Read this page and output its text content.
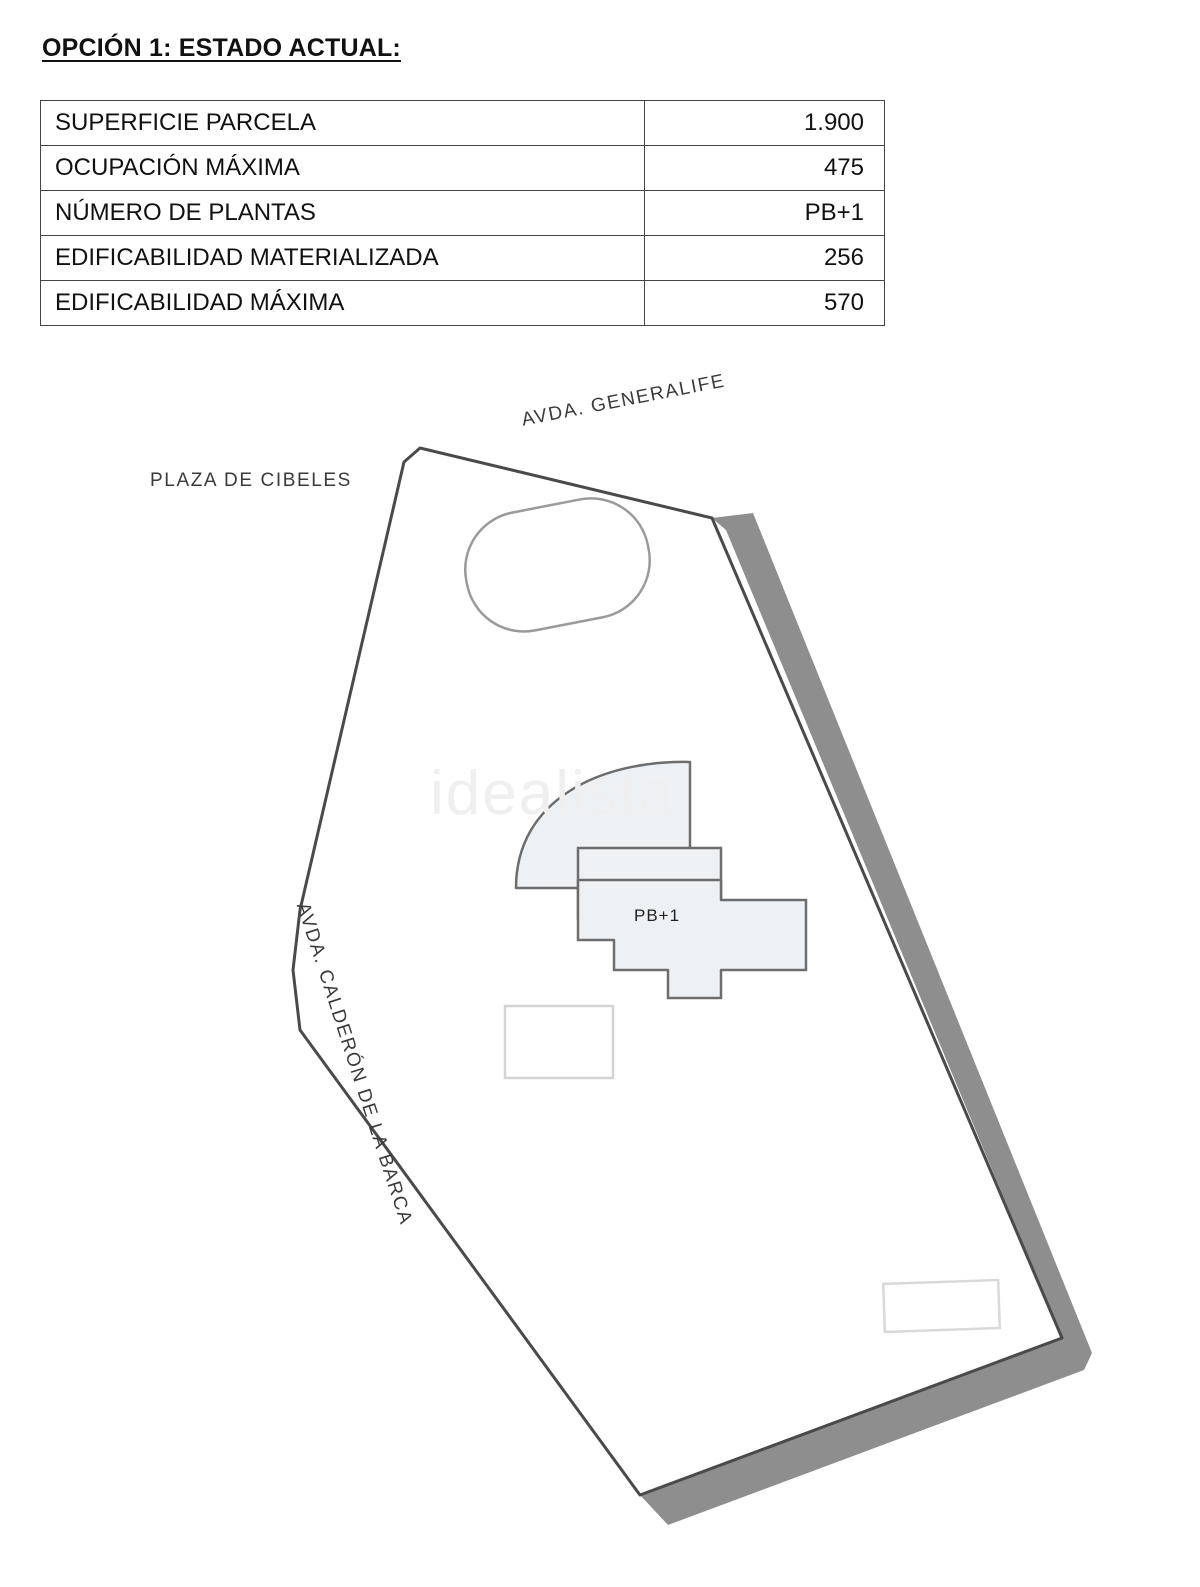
OPCIÓN 1: ESTADO ACTUAL:
SUPERFICIE PARCELA	1.900
OCUPACIÓN MÁXIMA	475
NÚMERO DE PLANTAS	PB+1
EDIFICABILIDAD MATERIALIZADA	256
EDIFICABILIDAD MÁXIMA	570
idealista
PLAZA DE CIBELES
AVDA. GENERALIFE
AVDA. CALDERÓN DE LA BARCA	PB+1
